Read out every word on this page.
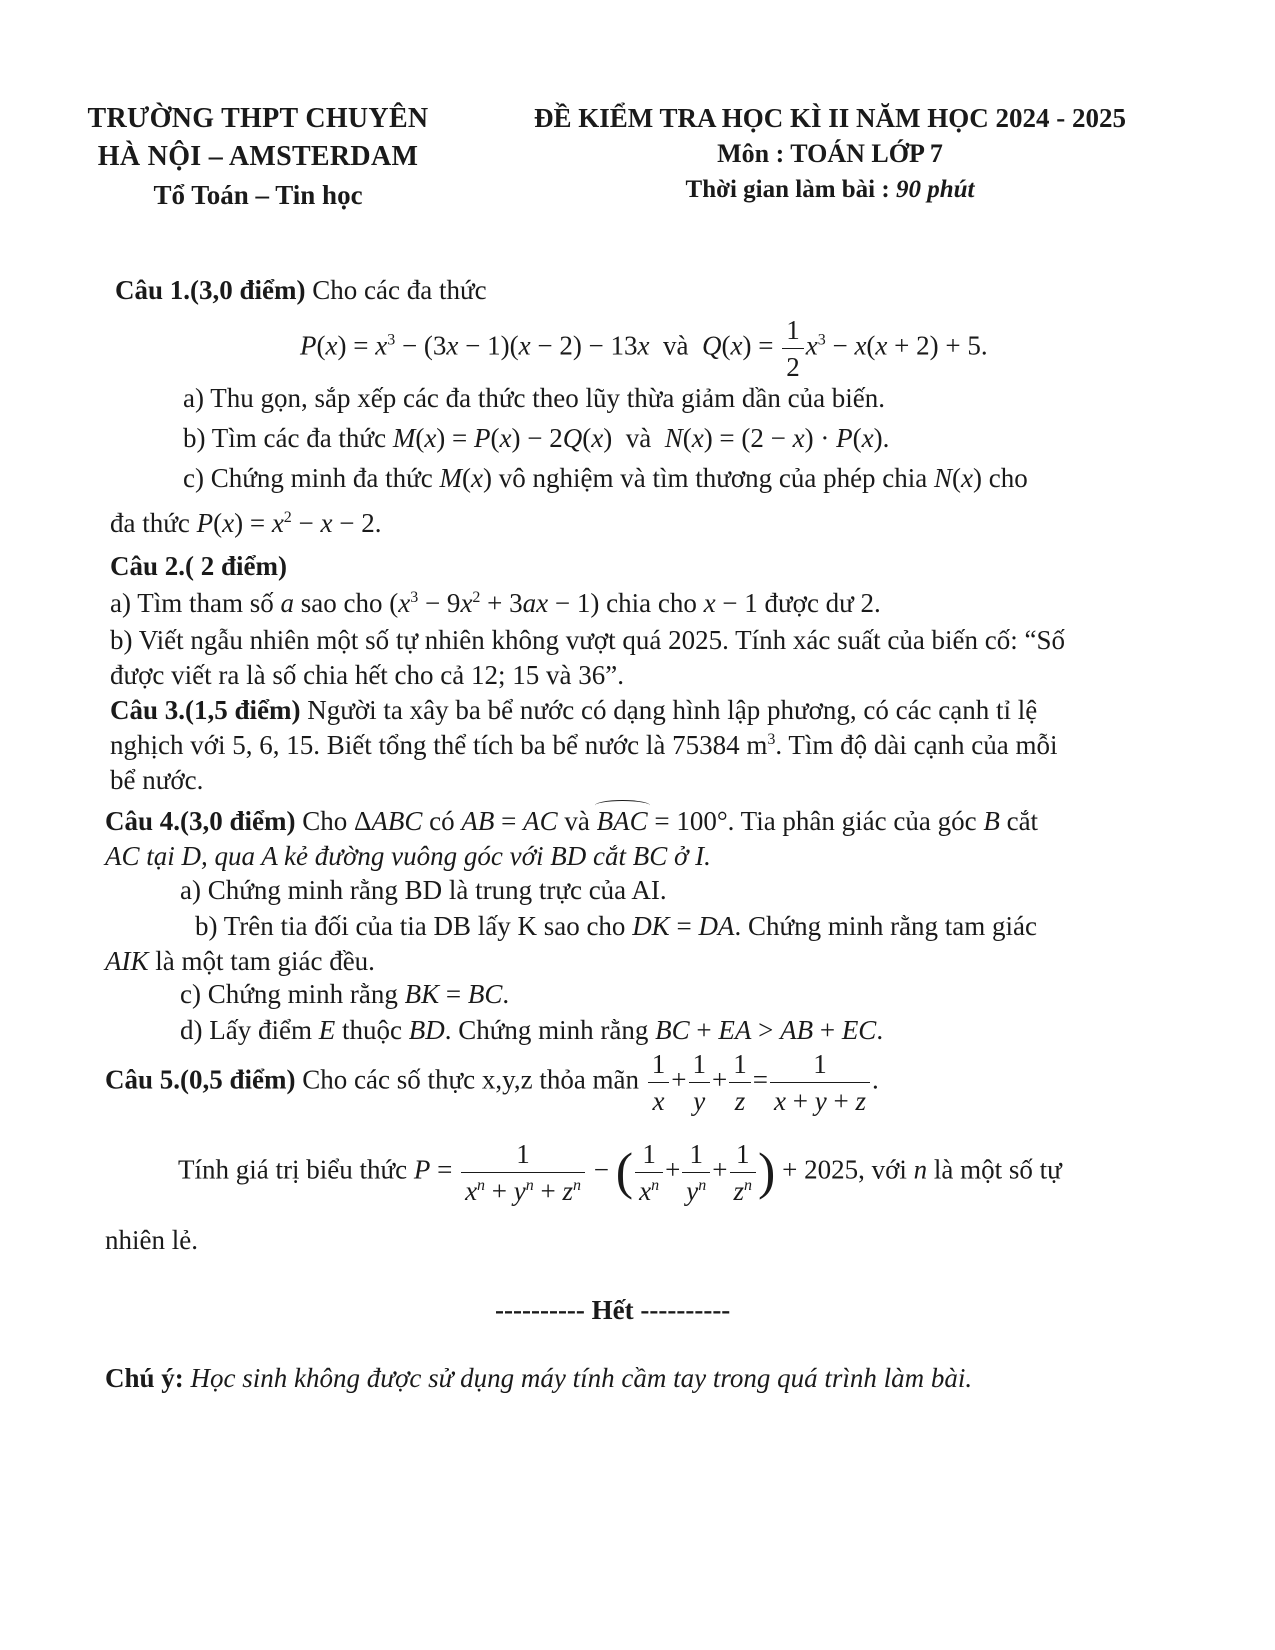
TRƯỜNG THPT CHUYÊN
HÀ NỘI – AMSTERDAM
Tổ Toán – Tin học
ĐỀ KIỂM TRA HỌC KÌ II NĂM HỌC 2024 - 2025
Môn : TOÁN LỚP 7
Thời gian làm bài : 90 phút
Câu 1.(3,0 điểm) Cho các đa thức
$P(x) = x^3 - (3x - 1)(x - 2) - 13x$  và  $Q(x) = \frac{1}{2} x^3 - x(x + 2) + 5$.
a) Thu gọn, sắp xếp các đa thức theo lũy thừa giảm dần của biến.
b) Tìm các đa thức M(x) = P(x) − 2Q(x)  và  N(x) = (2 − x) · P(x).
c) Chứng minh đa thức M(x) vô nghiệm và tìm thương của phép chia N(x) cho
đa thức $P(x) = x^2 - x - 2$.
Câu 2.( 2 điểm)
a) Tìm tham số a sao cho $(x^3 - 9x^2 + 3ax - 1)$ chia cho x − 1 được dư 2.
b) Viết ngẫu nhiên một số tự nhiên không vượt quá 2025. Tính xác suất của biến cố: “Số
được viết ra là số chia hết cho cả 12; 15 và 36”.
Câu 3.(1,5 điểm) Người ta xây ba bể nước có dạng hình lập phương, có các cạnh tỉ lệ
nghịch với 5, 6, 15. Biết tổng thể tích ba bể nước là 75384 $m^3$. Tìm độ dài cạnh của mỗi
bể nước.
Câu 4.(3,0 điểm) Cho ΔABC có AB = AC và BAC = 100°. Tia phân giác của góc B cắt
AC tại D, qua A kẻ đường vuông góc với BD cắt BC ở I.
a) Chứng minh rằng BD là trung trực của AI.
b) Trên tia đối của tia DB lấy K sao cho DK = DA. Chứng minh rằng tam giác
AIK là một tam giác đều.
c) Chứng minh rằng BK = BC.
d) Lấy điểm E thuộc BD. Chứng minh rằng BC + EA > AB + EC.
Câu 5.(0,5 điểm) Cho các số thực x,y,z thỏa mãn $\frac{1}{x} + \frac{1}{y} + \frac{1}{z} = \frac{1}{x + y + z}$ .
Tính giá trị biểu thức $P = \frac{1}{x^n + y^n + z^n}$ − ( $\frac{1}{x^n} + \frac{1}{y^n} + \frac{1}{z^n}$ ) + 2025, với n là một số tự
nhiên lẻ.
---------- Hết ----------
Chú ý: Học sinh không được sử dụng máy tính cầm tay trong quá trình làm bài.
